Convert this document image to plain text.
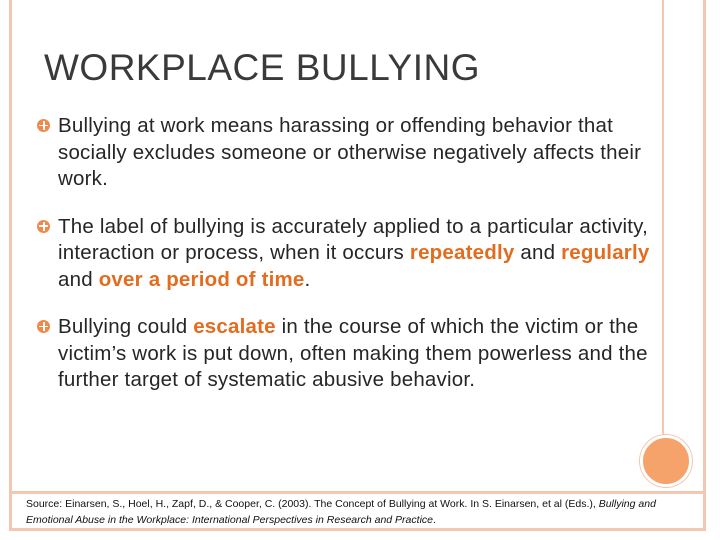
WORKPLACE BULLYING
Bullying at work means harassing or offending behavior that socially excludes someone or otherwise negatively affects their work.
The label of bullying is accurately applied to a particular activity, interaction or process, when it occurs repeatedly and regularly and over a period of time.
Bullying could escalate in the course of which the victim or the victim’s work is put down, often making them powerless and the further target of systematic abusive behavior.
Source: Einarsen, S., Hoel, H., Zapf, D., & Cooper, C. (2003). The Concept of Bullying at Work. In S. Einarsen, et al (Eds.), Bullying and Emotional Abuse in the Workplace: International Perspectives in Research and Practice.
